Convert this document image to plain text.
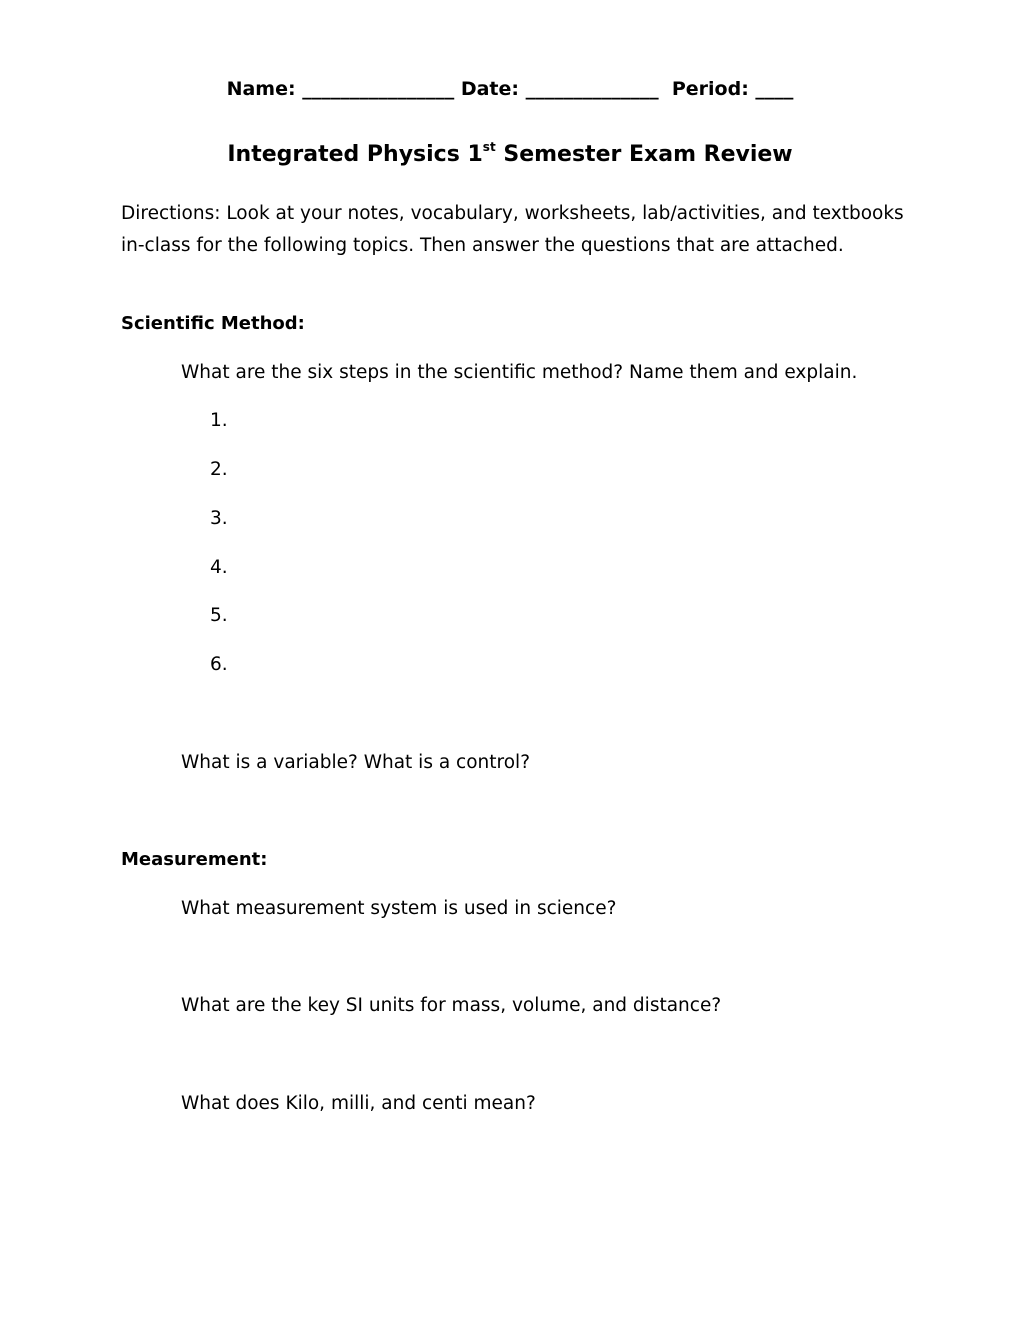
Name: ________________ Date: ______________ Period: ____
Integrated Physics 1st Semester Exam Review
Directions: Look at your notes, vocabulary, worksheets, lab/activities, and textbooks in-class for the following topics. Then answer the questions that are attached.
Scientific Method:
What are the six steps in the scientific method? Name them and explain.
1.
2.
3.
4.
5.
6.
What is a variable? What is a control?
Measurement:
What measurement system is used in science?
What are the key SI units for mass, volume, and distance?
What does Kilo, milli, and centi mean?
